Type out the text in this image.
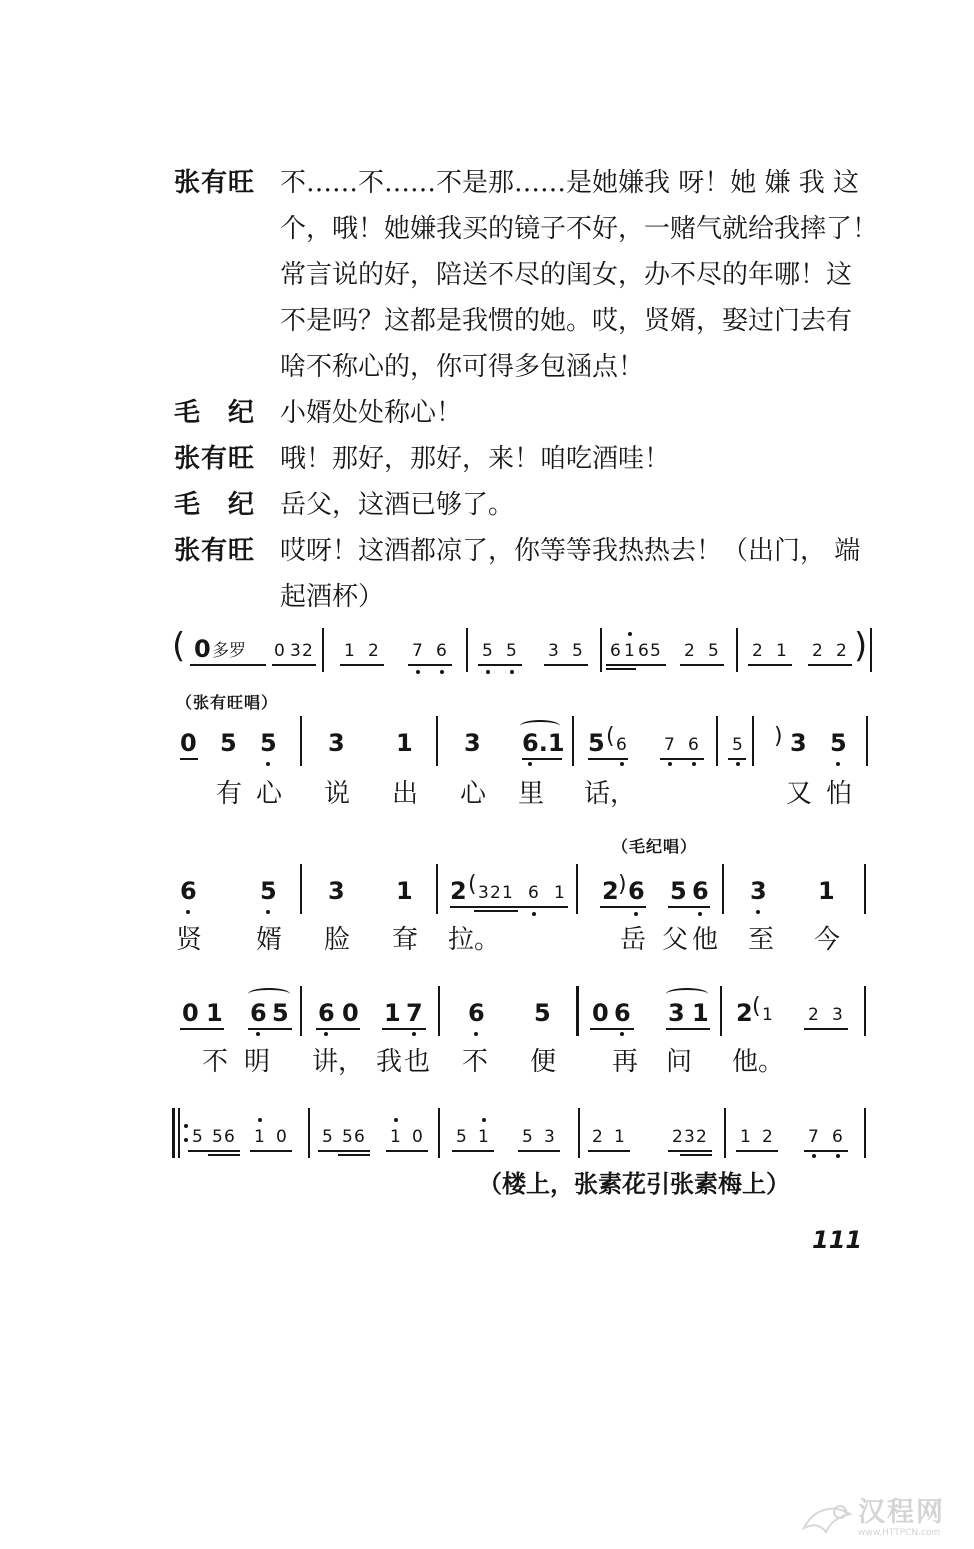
张有旺 不……不……不是那……是她嫌我 呀！她 嫌 我 这
个，哦！她嫌我买的镜子不好，一赌气就给我摔了！
常言说的好，陪送不尽的闺女，办不尽的年哪！这
不是吗？这都是我惯的她。哎，贤婿，娶过门去有
啥不称心的，你可得多包涵点！
毛　纪 小婿处处称心！
张有旺 哦！那好，那好，来！咱吃酒哇！
毛　纪 岳父，这酒已够了。
张有旺 哎呀！这酒都凉了，你等等我热热去！（出门， 端
起酒杯）
( 0 多罗 0 3 2 1 2 7 6 5 5 3 5 6 1 6 5 2 5 2 1 2 2 )
（张有旺唱）
0 5 5 3 1 3 6.1 5 ( 6 7 6 5 ) 3 5
有 心 说 出 心 里 话，	又 怕
（毛纪唱）
6	5 3 1 2 ( 3 2 1 6 1 2 ) 6 5 6 3 1
贤 婿 脸 耷 拉。	岳 父 他 至 今
0 1 6 5 6 0 1 7 6 5 0 6 3 1 2 ( 1 2 3
不 明 讲， 我 也 不 便 再 问 他。
5 5 6 1 0 5 5 6 1 0 5 1 5 3 2 1	2 3 2 1 2 7 6
（楼上，张素花引张素梅上）
111
汉程网
www.HTTPCN.com
